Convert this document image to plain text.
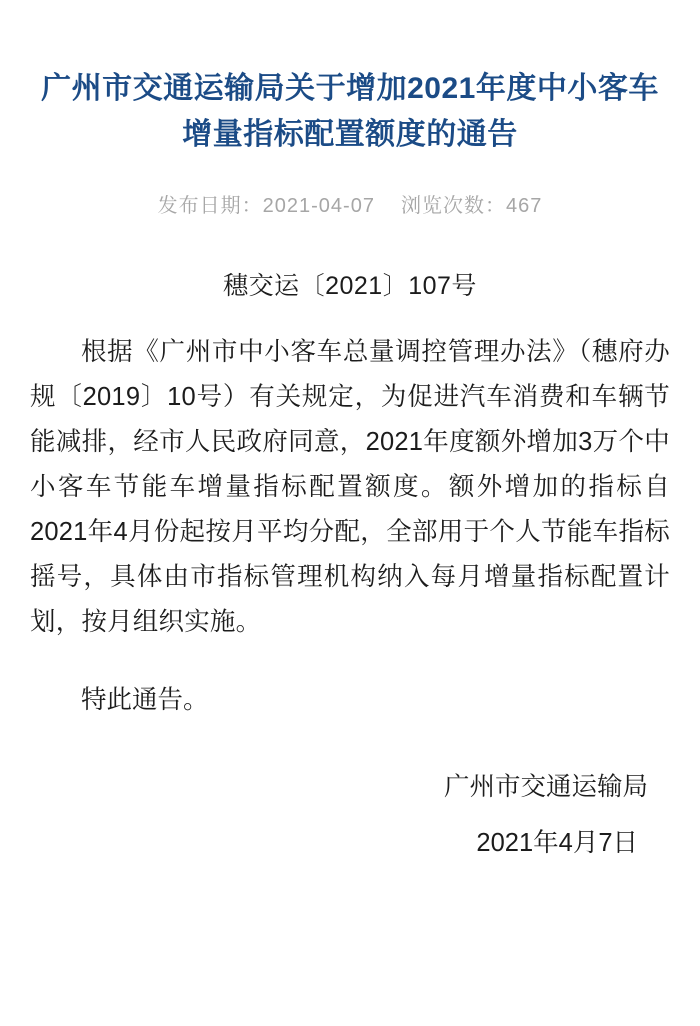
广州市交通运输局关于增加2021年度中小客车增量指标配置额度的通告
发布日期：2021-04-07 浏览次数：467
穗交运〔2021〕107号

根据《广州市中小客车总量调控管理办法》（穗府办规〔2019〕10号）有关规定，为促进汽车消费和车辆节能减排，经市人民政府同意，2021年度额外增加3万个中小客车节能车增量指标配置额度。额外增加的指标自2021年4月份起按月平均分配，全部用于个人节能车指标摇号，具体由市指标管理机构纳入每月增量指标配置计划，按月组织实施。

特此通告。

广州市交通运输局
2021年4月7日
